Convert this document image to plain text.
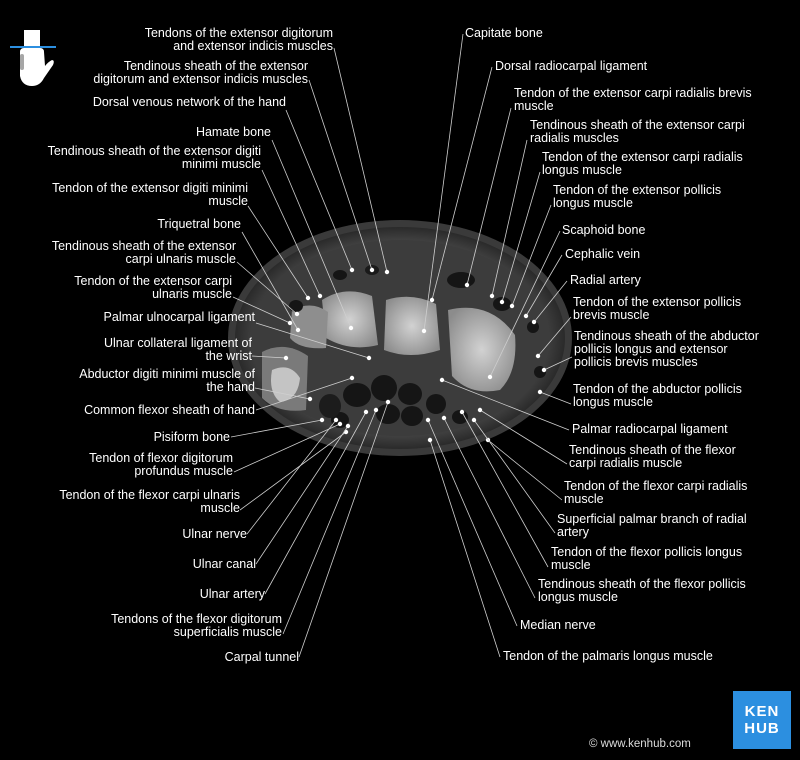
Tendons of the extensor digitorum
and extensor indicis muscles
Tendinous sheath of the extensor
digitorum and extensor indicis muscles
Dorsal venous network of the hand
Hamate bone
Tendinous sheath of the extensor digiti
minimi muscle
Tendon of the extensor digiti minimi
muscle
Triquetral bone
Tendinous sheath of the extensor
carpi ulnaris muscle
Tendon of the extensor carpi
ulnaris muscle
Palmar ulnocarpal ligament
Ulnar collateral ligament of
the wrist
Abductor digiti minimi muscle of
the hand
Common flexor sheath of hand
Pisiform bone
Tendon of flexor digitorum
profundus muscle
Tendon of the flexor carpi ulnaris
muscle
Ulnar nerve
Ulnar canal
Ulnar artery
Tendons of the flexor digitorum
superficialis muscle
Carpal tunnel
Capitate bone
Dorsal radiocarpal ligament
Tendon of the extensor carpi radialis brevis
muscle
Tendinous sheath of the extensor carpi
radialis muscles
Tendon of the extensor carpi radialis
longus muscle
Tendon of the extensor pollicis
longus muscle
Scaphoid bone
Cephalic vein
Radial artery
Tendon of the extensor pollicis
brevis muscle
Tendinous sheath of the abductor
pollicis longus and extensor
pollicis brevis muscles
Tendon of the abductor pollicis
longus muscle
Palmar radiocarpal ligament
Tendinous sheath of the flexor
carpi radialis muscle
Tendon of the flexor carpi radialis
muscle
Superficial palmar branch of radial
artery
Tendon of the flexor pollicis longus
muscle
Tendinous sheath of the flexor pollicis
longus muscle
Median nerve
Tendon of the palmaris longus muscle
KEN
HUB
© www.kenhub.com
